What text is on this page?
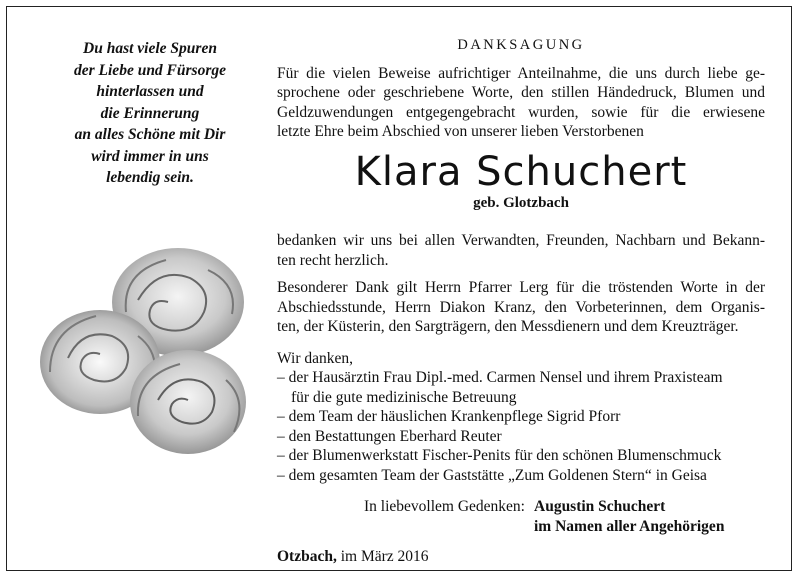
Du hast viele Spuren
der Liebe und Fürsorge
hinterlassen und
die Erinnerung
an alles Schöne mit Dir
wird immer in uns
lebendig sein.
DANKSAGUNG
Für die vielen Beweise aufrichtiger Anteilnahme, die uns durch liebe ge-
sprochene oder geschriebene Worte, den stillen Händedruck, Blumen und
Geldzuwendungen entgegengebracht wurden, sowie für die erwiesene
letzte Ehre beim Abschied von unserer lieben Verstorbenen
Klara Schuchert
geb. Glotzbach
bedanken wir uns bei allen Verwandten, Freunden, Nachbarn und Bekann-
ten recht herzlich.
Besonderer Dank gilt Herrn Pfarrer Lerg für die tröstenden Worte in der
Abschiedsstunde, Herrn Diakon Kranz, den Vorbeterinnen, dem Organis-
ten, der Küsterin, den Sargträgern, den Messdienern und dem Kreuzträger.
Wir danken,
– der Hausärztin Frau Dipl.-med. Carmen Nensel und ihrem Praxisteam
für die gute medizinische Betreuung
– dem Team der häuslichen Krankenpflege Sigrid Pforr
– den Bestattungen Eberhard Reuter
– der Blumenwerkstatt Fischer-Penits für den schönen Blumenschmuck
– dem gesamten Team der Gaststätte „Zum Goldenen Stern“ in Geisa
In liebevollem Gedenken: Augustin Schuchert
im Namen aller Angehörigen
Otzbach, im März 2016
